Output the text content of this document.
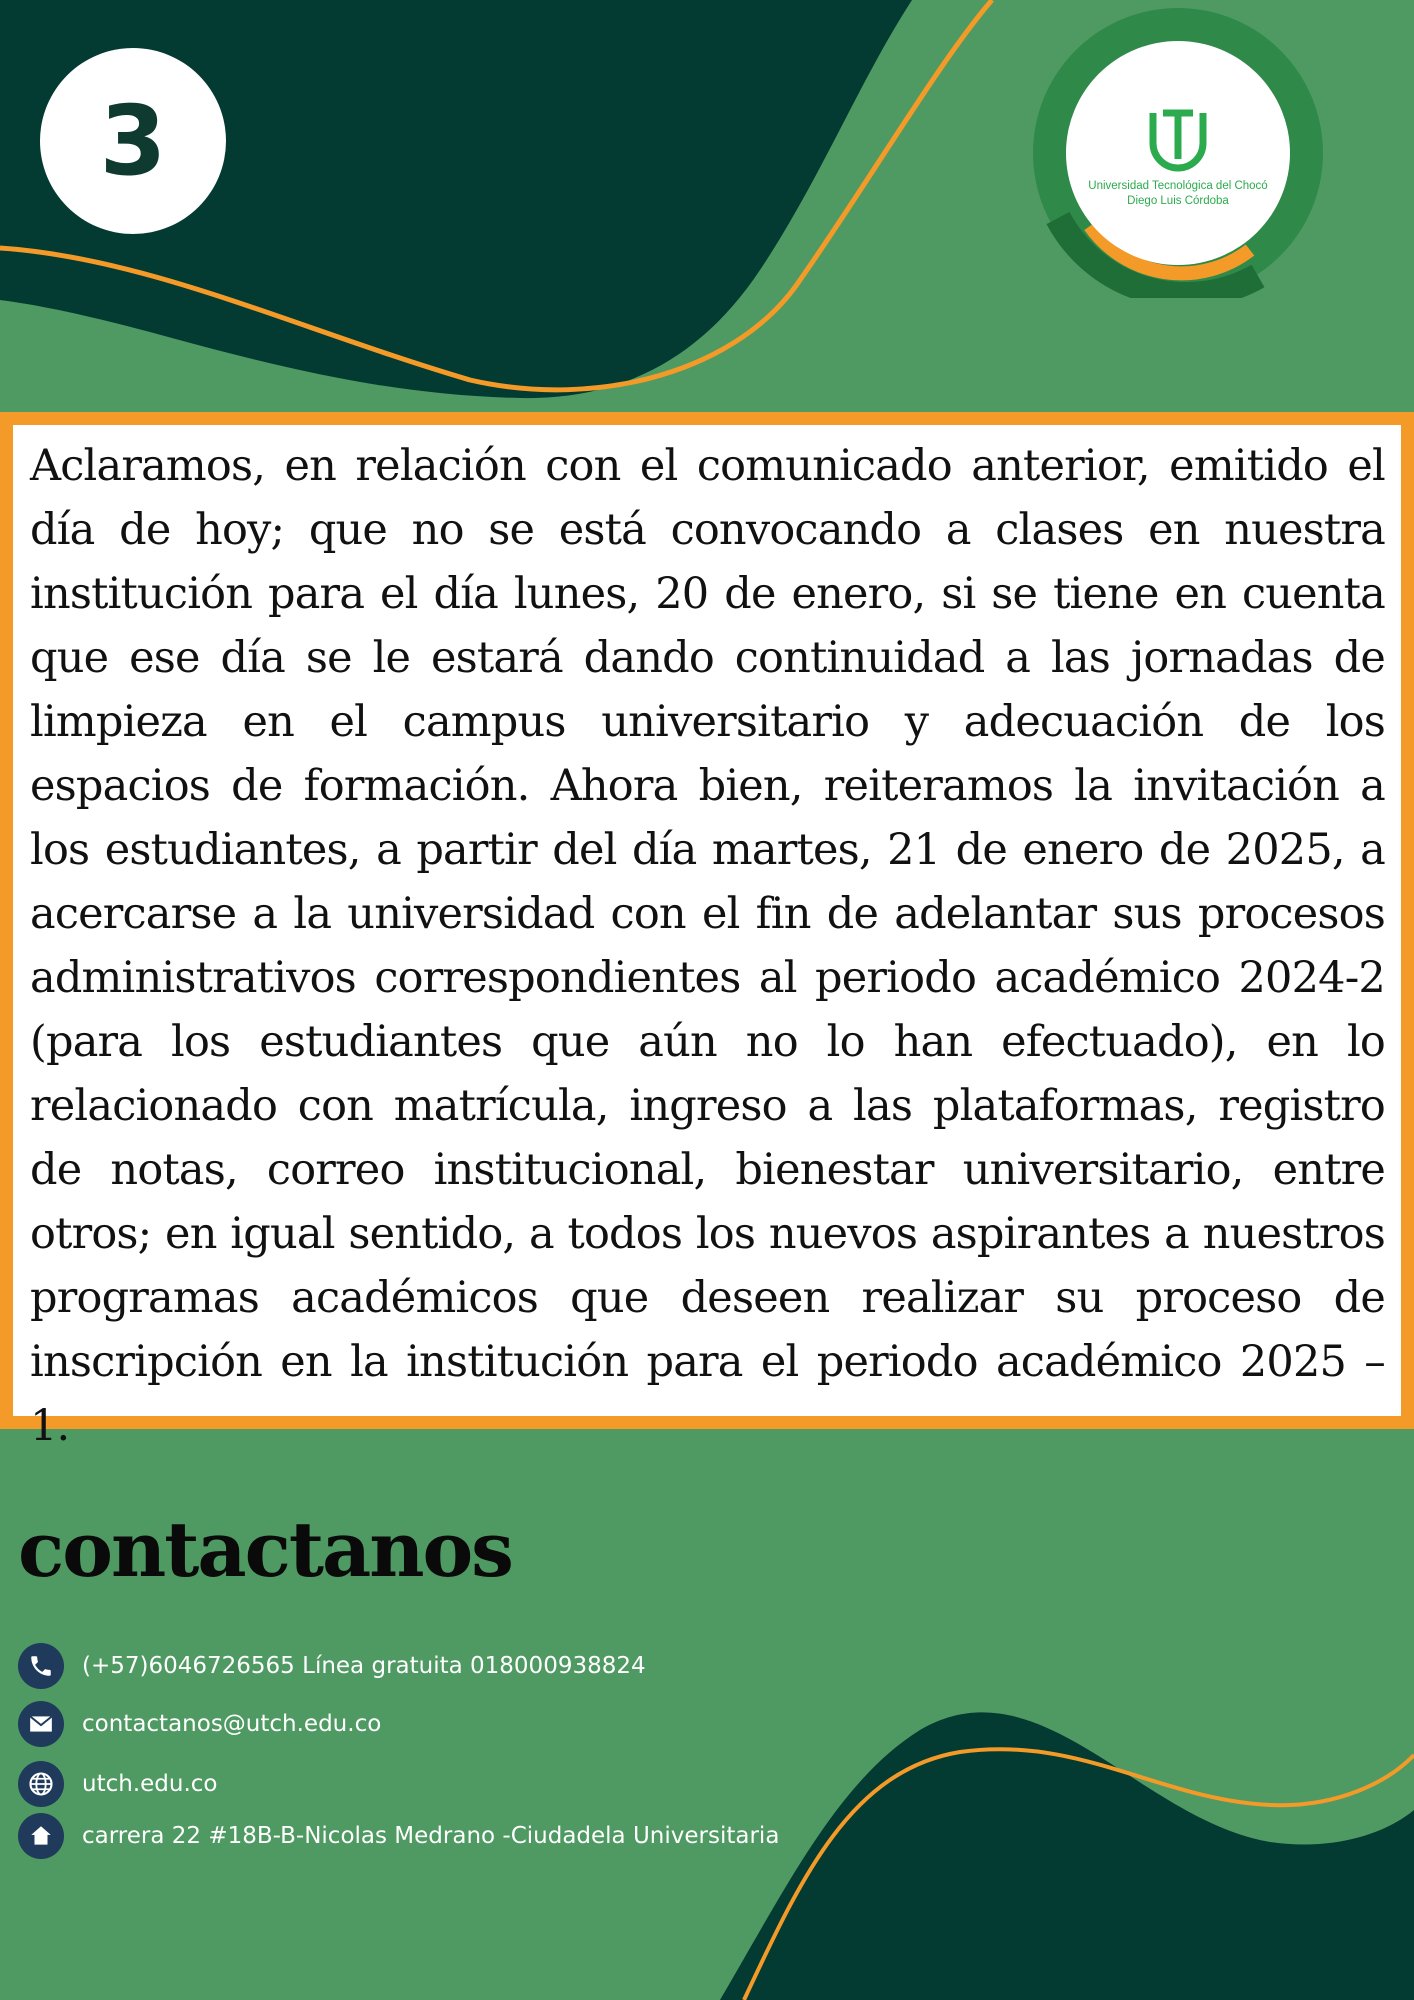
3	Universidad Tecnológica del Chocó
Diego Luis Córdoba

Aclaramos, en relación con el comunicado anterior, emitido el día de hoy; que no se está convocando a clases en nuestra institución para el día lunes, 20 de enero, si se tiene en cuenta que ese día se le estará dando continuidad a las jornadas de limpieza en el campus universitario y adecuación de los espacios de formación. Ahora bien, reiteramos la invitación a los estudiantes, a partir del día martes, 21 de enero de 2025, a acercarse a la universidad con el fin de adelantar sus procesos administrativos correspondientes al periodo académico 2024-2 (para los estudiantes que aún no lo han efectuado), en lo relacionado con matrícula, ingreso a las plataformas, registro de notas, correo institucional, bienestar universitario, entre otros; en igual sentido, a todos los nuevos aspirantes a nuestros programas académicos que deseen realizar su proceso de inscripción en la institución para el periodo académico 2025 – 1.

contactanos
(+57)6046726565 Línea gratuita 018000938824
contactanos@utch.edu.co
utch.edu.co
carrera 22 #18B-B-Nicolas Medrano -Ciudadela Universitaria
